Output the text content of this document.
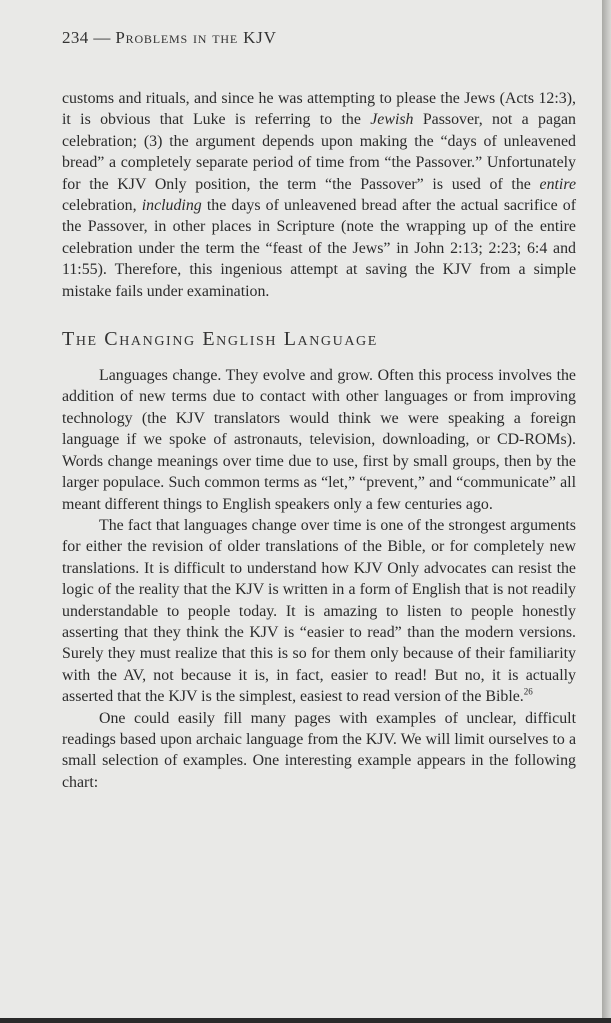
234 — Problems in the KJV

customs and rituals, and since he was attempting to please the Jews (Acts 12:3), it is obvious that Luke is referring to the Jewish Passover, not a pagan celebration; (3) the argument depends upon making the “days of unleavened bread” a completely separate period of time from “the Passover.” Unfortunately for the KJV Only position, the term “the Passover” is used of the entire celebration, including the days of unleavened bread after the actual sacrifice of the Passover, in other places in Scripture (note the wrapping up of the entire celebration under the term the “feast of the Jews” in John 2:13; 2:23; 6:4 and 11:55). Therefore, this ingenious attempt at saving the KJV from a simple mistake fails under examination.

The Changing English Language

Languages change. They evolve and grow. Often this process involves the addition of new terms due to contact with other languages or from improving technology (the KJV translators would think we were speaking a foreign language if we spoke of astronauts, television, downloading, or CD-ROMs). Words change meanings over time due to use, first by small groups, then by the larger populace. Such common terms as “let,” “prevent,” and “communicate” all meant different things to English speakers only a few centuries ago.

The fact that languages change over time is one of the strongest arguments for either the revision of older translations of the Bible, or for completely new translations. It is difficult to understand how KJV Only advocates can resist the logic of the reality that the KJV is written in a form of English that is not readily understandable to people today. It is amazing to listen to people honestly asserting that they think the KJV is “easier to read” than the modern versions. Surely they must realize that this is so for them only because of their familiarity with the AV, not because it is, in fact, easier to read! But no, it is actually asserted that the KJV is the simplest, easiest to read version of the Bible.$^{26}$

One could easily fill many pages with examples of unclear, difficult readings based upon archaic language from the KJV. We will limit ourselves to a small selection of examples. One interesting example appears in the following chart:
